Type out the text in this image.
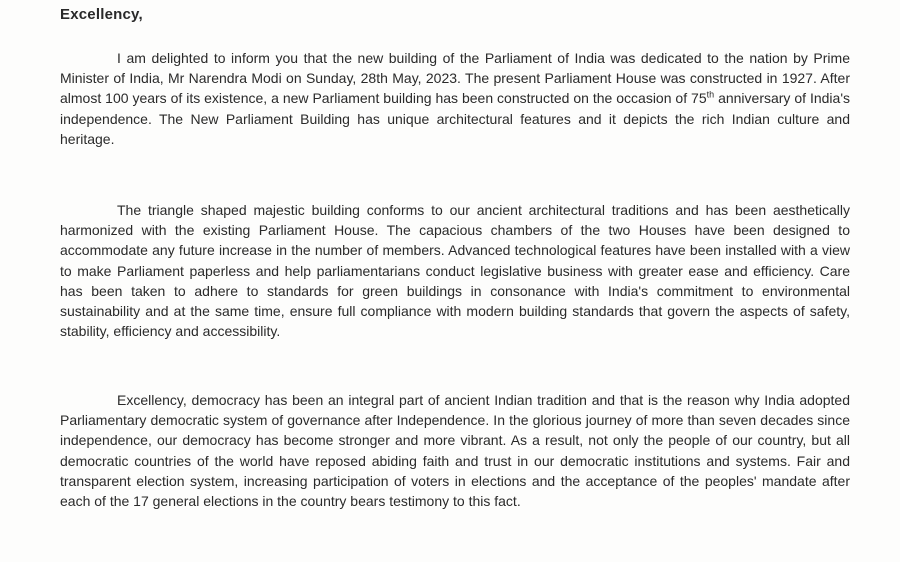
Excellency,

I am delighted to inform you that the new building of the Parliament of India was dedicated to the nation by Prime Minister of India, Mr Narendra Modi on Sunday, 28th May, 2023. The present Parliament House was constructed in 1927. After almost 100 years of its existence, a new Parliament building has been constructed on the occasion of 75th anniversary of India's independence. The New Parliament Building has unique architectural features and it depicts the rich Indian culture and heritage.

The triangle shaped majestic building conforms to our ancient architectural traditions and has been aesthetically harmonized with the existing Parliament House. The capacious chambers of the two Houses have been designed to accommodate any future increase in the number of members. Advanced technological features have been installed with a view to make Parliament paperless and help parliamentarians conduct legislative business with greater ease and efficiency. Care has been taken to adhere to standards for green buildings in consonance with India's commitment to environmental sustainability and at the same time, ensure full compliance with modern building standards that govern the aspects of safety, stability, efficiency and accessibility.

Excellency, democracy has been an integral part of ancient Indian tradition and that is the reason why India adopted Parliamentary democratic system of governance after Independence. In the glorious journey of more than seven decades since independence, our democracy has become stronger and more vibrant. As a result, not only the people of our country, but all democratic countries of the world have reposed abiding faith and trust in our democratic institutions and systems. Fair and transparent election system, increasing participation of voters in elections and the acceptance of the peoples' mandate after each of the 17 general elections in the country bears testimony to this fact.
